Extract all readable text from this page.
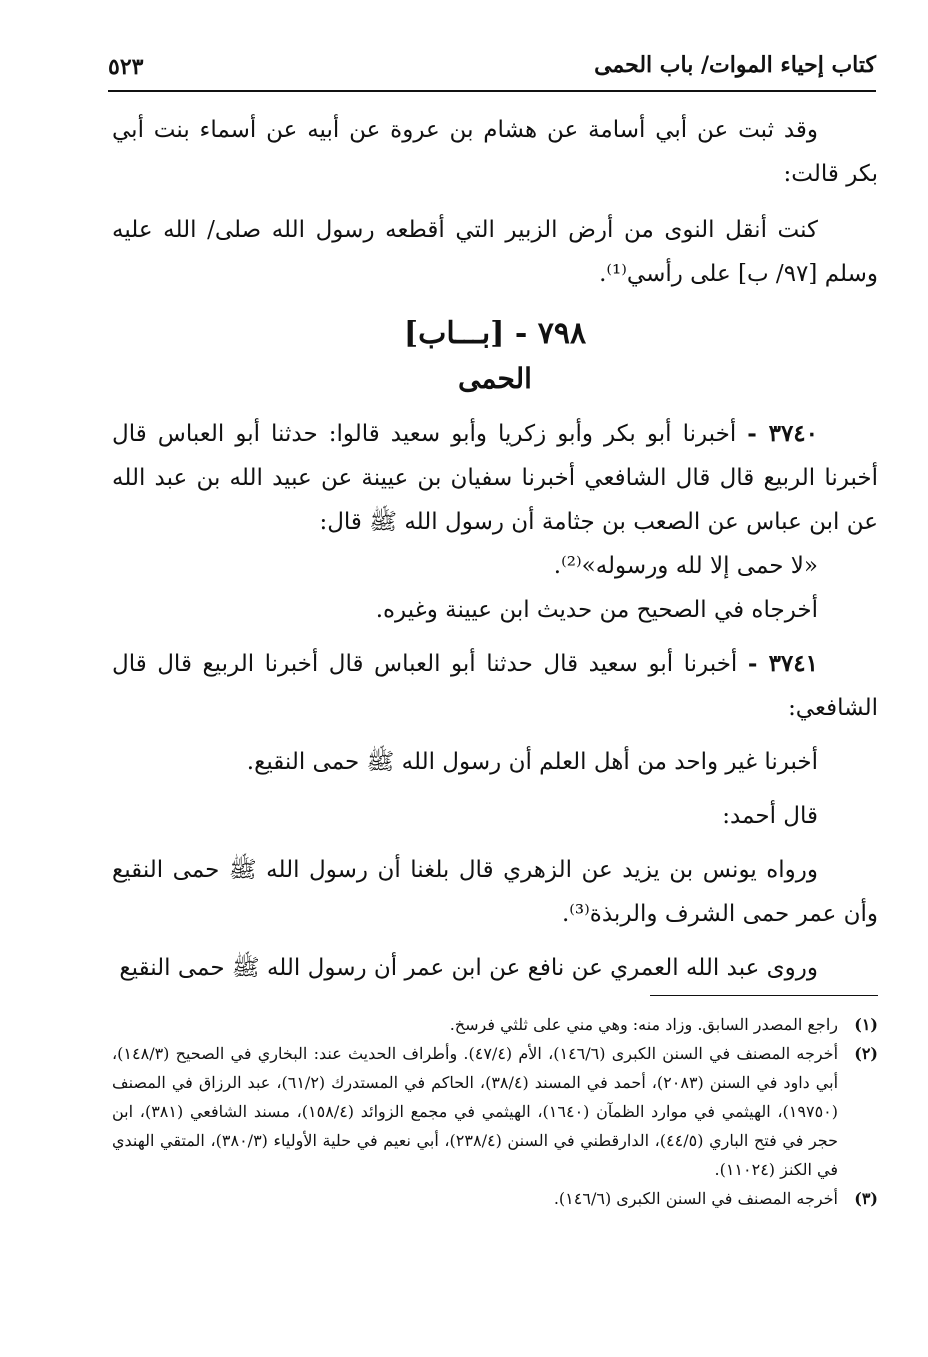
كتاب إحياء الموات/ باب الحمى
٥٢٣

وقد ثبت عن أبي أسامة عن هشام بن عروة عن أبيه عن أسماء بنت أبي بكر قالت:

كنت أنقل النوى من أرض الزبير التي أقطعه رسول الله صلى/ الله عليه وسلم [٩٧/ ب] على رأسي⁽¹⁾.

٧٩٨ - [بـــاب]
الحمى

٣٧٤٠ - أخبرنا أبو بكر وأبو زكريا وأبو سعيد قالوا: حدثنا أبو العباس قال أخبرنا الربيع قال قال الشافعي أخبرنا سفيان بن عيينة عن عبيد الله بن عبد الله عن ابن عباس عن الصعب بن جثامة أن رسول الله ﷺ قال:

«لا حمى إلا لله ورسوله»⁽²⁾.

أخرجاه في الصحيح من حديث ابن عيينة وغيره.

٣٧٤١ - أخبرنا أبو سعيد قال حدثنا أبو العباس قال أخبرنا الربيع قال قال الشافعي:

أخبرنا غير واحد من أهل العلم أن رسول الله ﷺ حمى النقيع.

قال أحمد:

ورواه يونس بن يزيد عن الزهري قال بلغنا أن رسول الله ﷺ حمى النقيع وأن عمر حمى الشرف والربذة⁽³⁾.

وروى عبد الله العمري عن نافع عن ابن عمر أن رسول الله ﷺ حمى النقيع

(١)
راجع المصدر السابق. وزاد منه: وهي مني على ثلثي فرسخ.
(٢)
أخرجه المصنف في السنن الكبرى (١٤٦/٦)، الأم (٤٧/٤). وأطراف الحديث عند: البخاري في الصحيح (١٤٨/٣)، أبي داود في السنن (٢٠٨٣)، أحمد في المسند (٣٨/٤)، الحاكم في المستدرك (٦١/٢)، عبد الرزاق في المصنف (١٩٧٥٠)، الهيثمي في موارد الظمآن (١٦٤٠)، الهيثمي في مجمع الزوائد (١٥٨/٤)، مسند الشافعي (٣٨١)، ابن حجر في فتح الباري (٤٤/٥)، الدارقطني في السنن (٢٣٨/٤)، أبي نعيم في حلية الأولياء (٣٨٠/٣)، المتقي الهندي في الكنز (١١٠٢٤).
(٣)
أخرجه المصنف في السنن الكبرى (١٤٦/٦).
